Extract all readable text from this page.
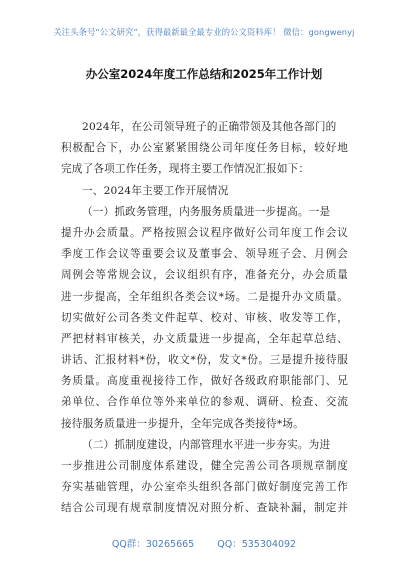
关注头条号“公文研究”，获得最新最全最专业的公文资料库！ 微信：gongwenyj
办公室2024年度工作总结和2025年工作计划
2024年，在公司领导班子的正确带领及其他各部门的
积极配合下，办公室紧紧围绕公司年度任务目标，较好地
完成了各项工作任务，现将主要工作情况汇报如下：
一、2024年主要工作开展情况
（一）抓政务管理，内务服务质量进一步提高。一是
提升办会质量。严格按照会议程序做好公司年度工作会议
季度工作会议等重要会议及董事会、领导班子会、月例会
周例会等常规会议，会议组织有序，准备充分，办会质量
进一步提高，全年组织各类会议*场。二是提升办文质量。
切实做好公司各类文件起草、校对、审核、收发等工作，
严把材料审核关，办文质量进一步提高，全年起草总结、
讲话、汇报材料*份，收文*份，发文*份。三是提升接待服
务质量。高度重视接待工作，做好各级政府职能部门、兄
弟单位、合作单位等外来单位的参观、调研、检查、交流
接待服务质量进一步提升，全年完成各类接待*场。
（二）抓制度建设，内部管理水平进一步夯实。为进
一步推进公司制度体系建设，健全完善公司各项规章制度
夯实基础管理，办公室牵头组织各部门做好制度完善工作
结合公司现有规章制度情况对照分析、查缺补漏，制定并
QQ群：30265665 QQ：535304092
